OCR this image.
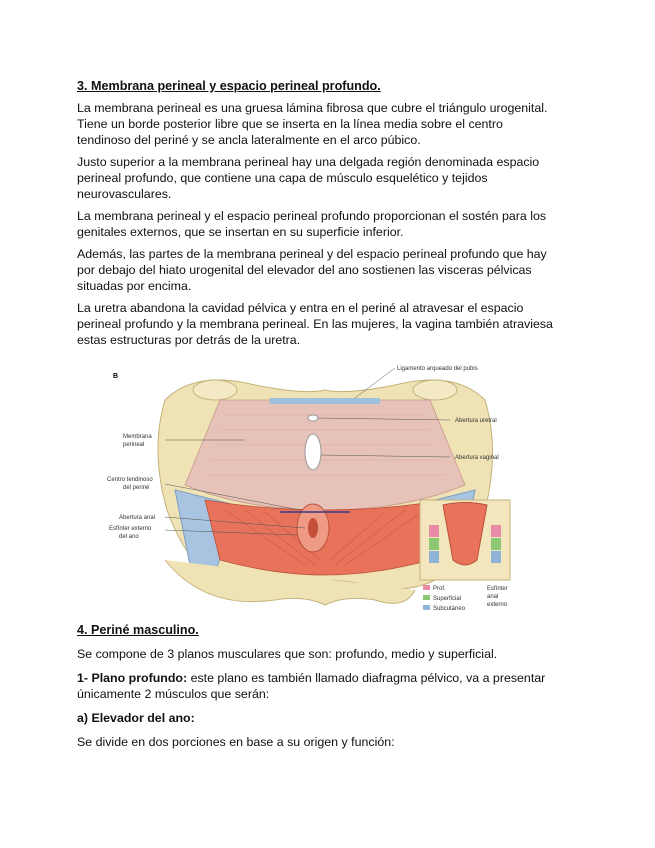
3. Membrana perineal y espacio perineal profundo.

La membrana perineal es una gruesa lámina fibrosa que cubre el triángulo urogenital.
Tiene un borde posterior libre que se inserta en la línea media sobre el centro
tendinoso del periné y se ancla lateralmente en el arco púbico.

Justo superior a la membrana perineal hay una delgada región denominada espacio
perineal profundo, que contiene una capa de músculo esquelético y tejidos
neurovasculares.

La membrana perineal y el espacio perineal profundo proporcionan el sostén para los
genitales externos, que se insertan en su superficie inferior.

Además, las partes de la membrana perineal y del espacio perineal profundo que hay
por debajo del hiato urogenital del elevador del ano sostienen las visceras pélvicas
situadas por encima.

La uretra abandona la cavidad pélvica y entra en el periné al atravesar el espacio
perineal profundo y la membrana perineal. En las mujeres, la vagina también atraviesa
estas estructuras por detrás de la uretra.

B
Ligamento arqueado del pubis
Membrana
perineal
Abertura uretral
Abertura vaginal
Centro tendinoso
del periné
Abertura anal
Esfínter externo
del ano
Prof.
Superficial
Subcutáneo
Esfínter
anal
externo
4. Periné masculino.

Se compone de 3 planos musculares que son: profundo, medio y superficial.

1- Plano profundo: este plano es también llamado diafragma pélvico, va a presentar
únicamente 2 músculos que serán:

a) Elevador del ano:

Se divide en dos porciones en base a su origen y función:
